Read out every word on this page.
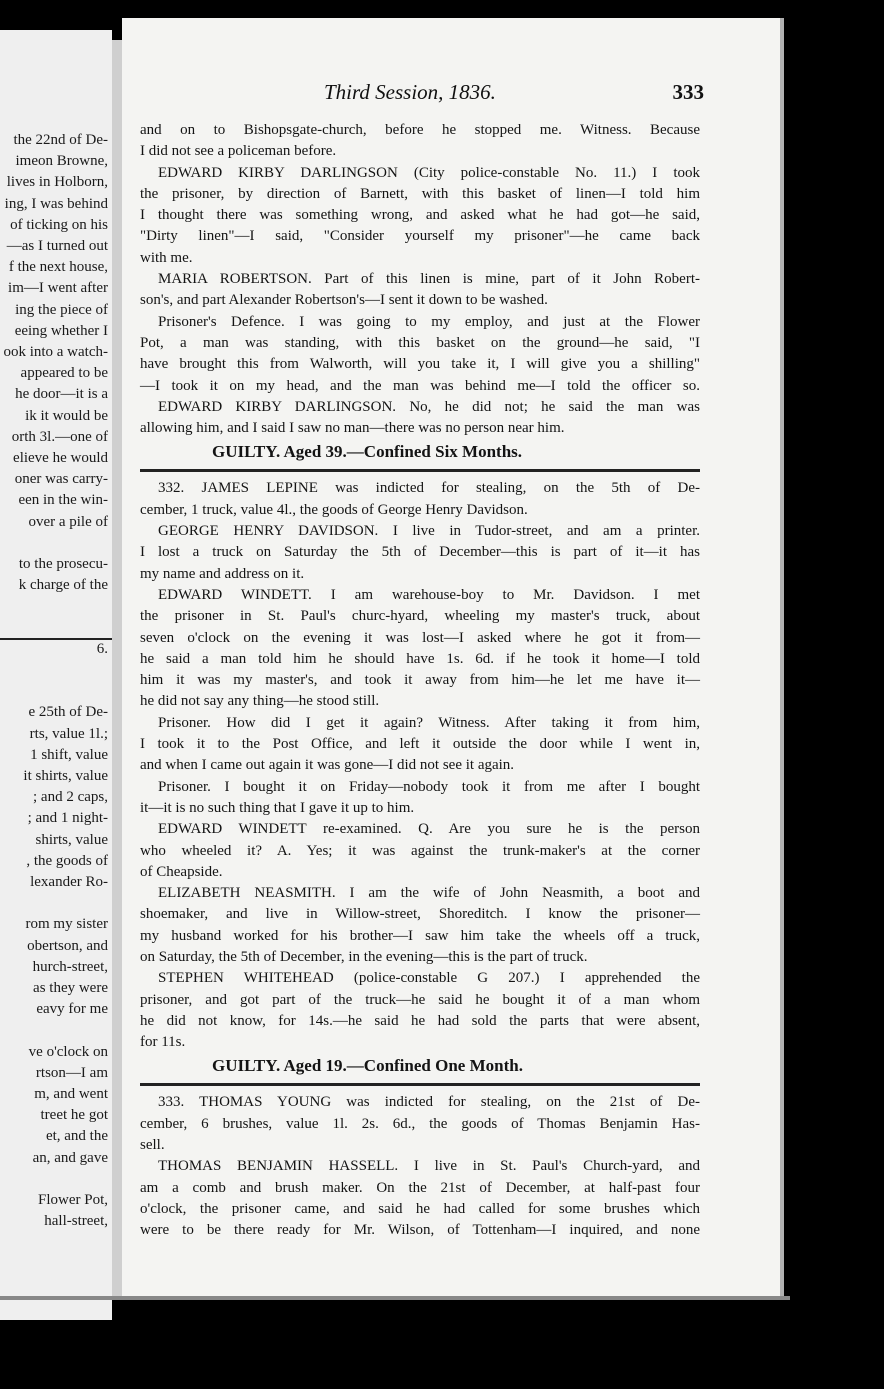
the 22nd of De-
imeon Browne,
lives in Holborn,
ing, I was behind
of ticking on his
—as I turned out
f the next house,
im—I went after
ing the piece of
eeing whether I
ook into a watch-
appeared to be
he door—it is a
ik it would be
orth 3l.—one of
elieve he would
oner was carry-
een in the win-
over a pile of
to the prosecu-
k charge of the
6.
e 25th of De-
rts, value 1l.;
1 shift, value
it shirts, value
; and 2 caps,
; and 1 night-
shirts, value
, the goods of
lexander Ro-
rom my sister
obertson, and
hurch-street,
as they were
eavy for me
ve o'clock on
rtson—I am
m, and went
treet he got
et, and the
an, and gave
Flower Pot,
hall-street,
Third Session, 1836.	333
and on to Bishopsgate-church, before he stopped me. Witness. Because
I did not see a policeman before.
EDWARD KIRBY DARLINGSON (City police-constable No. 11.) I took
the prisoner, by direction of Barnett, with this basket of linen—I told him
I thought there was something wrong, and asked what he had got—he said,
"Dirty linen"—I said, "Consider yourself my prisoner"—he came back
with me.
MARIA ROBERTSON. Part of this linen is mine, part of it John Robert-
son's, and part Alexander Robertson's—I sent it down to be washed.
Prisoner's Defence. I was going to my employ, and just at the Flower
Pot, a man was standing, with this basket on the ground—he said, "I
have brought this from Walworth, will you take it, I will give you a shilling"
—I took it on my head, and the man was behind me—I told the officer so.
EDWARD KIRBY DARLINGSON. No, he did not; he said the man was
allowing him, and I said I saw no man—there was no person near him.
GUILTY. Aged 39.—Confined Six Months.
332. JAMES LEPINE was indicted for stealing, on the 5th of De-
cember, 1 truck, value 4l., the goods of George Henry Davidson.
GEORGE HENRY DAVIDSON. I live in Tudor-street, and am a printer.
I lost a truck on Saturday the 5th of December—this is part of it—it has
my name and address on it.
EDWARD WINDETT. I am warehouse-boy to Mr. Davidson. I met
the prisoner in St. Paul's churc-hyard, wheeling my master's truck, about
seven o'clock on the evening it was lost—I asked where he got it from—
he said a man told him he should have 1s. 6d. if he took it home—I told
him it was my master's, and took it away from him—he let me have it—
he did not say any thing—he stood still.
Prisoner. How did I get it again? Witness. After taking it from him,
I took it to the Post Office, and left it outside the door while I went in,
and when I came out again it was gone—I did not see it again.
Prisoner. I bought it on Friday—nobody took it from me after I bought
it—it is no such thing that I gave it up to him.
EDWARD WINDETT re-examined. Q. Are you sure he is the person
who wheeled it? A. Yes; it was against the trunk-maker's at the corner
of Cheapside.
ELIZABETH NEASMITH. I am the wife of John Neasmith, a boot and
shoemaker, and live in Willow-street, Shoreditch. I know the prisoner—
my husband worked for his brother—I saw him take the wheels off a truck,
on Saturday, the 5th of December, in the evening—this is the part of truck.
STEPHEN WHITEHEAD (police-constable G 207.) I apprehended the
prisoner, and got part of the truck—he said he bought it of a man whom
he did not know, for 14s.—he said he had sold the parts that were absent,
for 11s.
GUILTY. Aged 19.—Confined One Month.
333. THOMAS YOUNG was indicted for stealing, on the 21st of De-
cember, 6 brushes, value 1l. 2s. 6d., the goods of Thomas Benjamin Has-
sell.
THOMAS BENJAMIN HASSELL. I live in St. Paul's Church-yard, and
am a comb and brush maker. On the 21st of December, at half-past four
o'clock, the prisoner came, and said he had called for some brushes which
were to be there ready for Mr. Wilson, of Tottenham—I inquired, and none
